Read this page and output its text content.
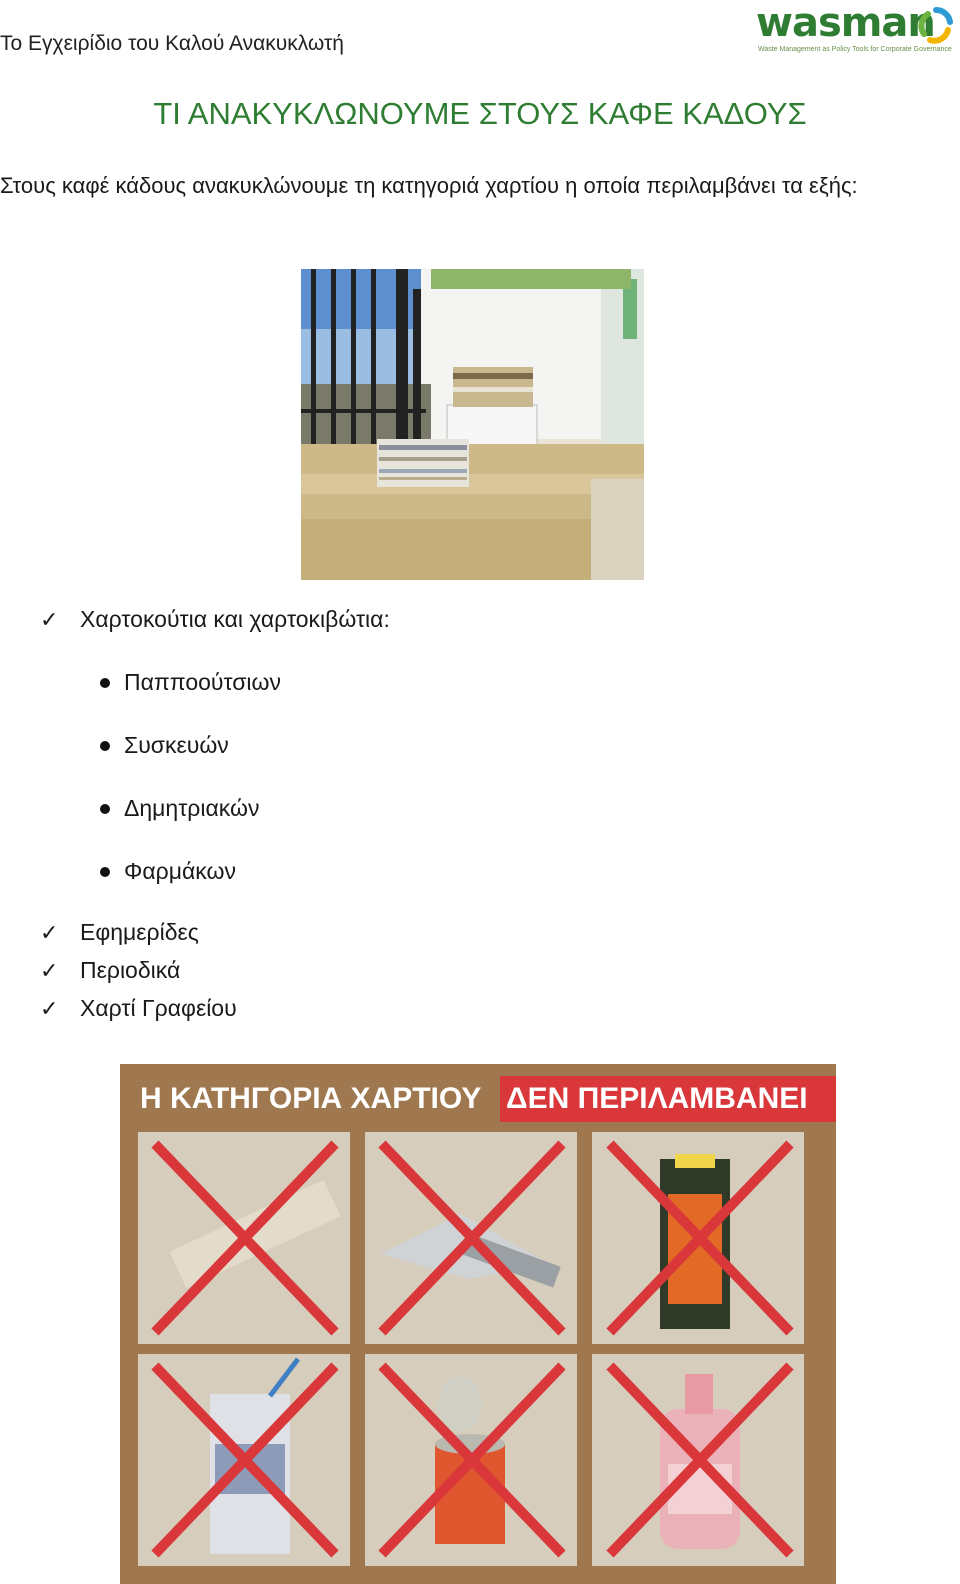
Το Εγχειρίδιο του Καλού Ανακυκλωτή	wasman
Waste Management as Policy Tools for Corporate Governance
ΤΙ ΑΝΑΚΥΚΛΩΝΟΥΜΕ ΣΤΟΥΣ ΚΑΦΕ ΚΑΔΟΥΣ
Στους καφέ κάδους ανακυκλώνουμε τη κατηγοριά χαρτίου η οποία περιλαμβάνει τα εξής:
✓ Χαρτοκούτια και χαρτοκιβώτια:
Παπποούτσιων
Συσκευών
Δημητριακών
Φαρμάκων
✓ Εφημερίδες
✓ Περιοδικά
✓ Χαρτί Γραφείου
Η ΚΑΤΗΓΟΡΙΑ ΧΑΡΤΙΟΥ ΔΕΝ ΠΕΡΙΛΑΜΒΑΝΕΙ
